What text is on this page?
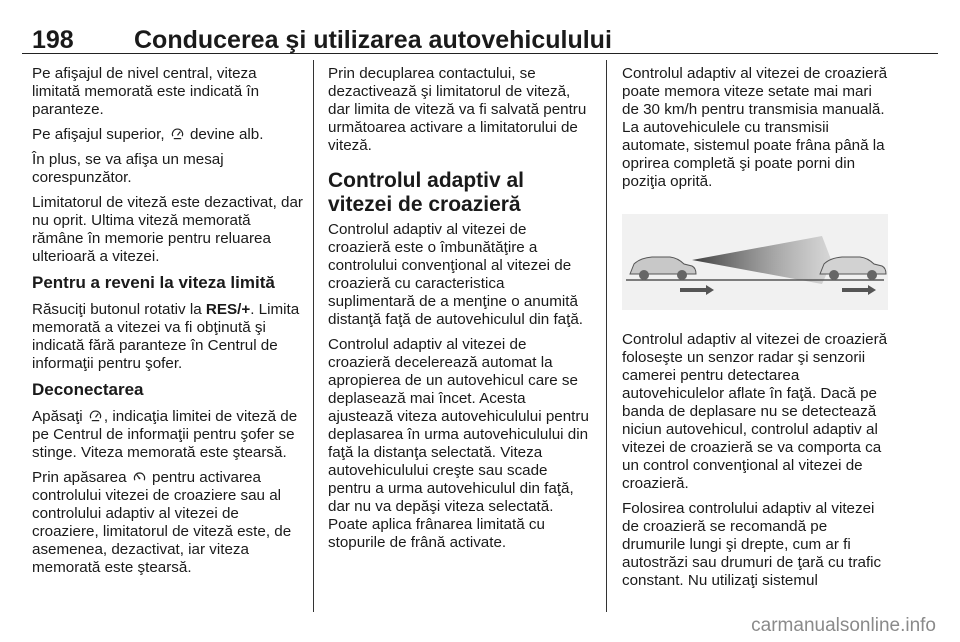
198 Conducerea şi utilizarea autovehiculului

Pe afişajul de nivel central, viteza limitată memorată este indicată în paranteze.

Pe afişajul superior,  devine alb.

În plus, se va afişa un mesaj corespunzător.

Limitatorul de viteză este dezactivat, dar nu oprit. Ultima viteză memorată rămâne în memorie pentru reluarea ulterioară a vitezei.

Pentru a reveni la viteza limită

Răsuciţi butonul rotativ la RES/+. Limita memorată a vitezei va fi obţinută şi indicată fără paranteze în Centrul de informaţii pentru şofer.

Deconectarea

Apăsaţi , indicaţia limitei de viteză de pe Centrul de informaţii pentru şofer se stinge. Viteza memorată este ştearsă.

Prin apăsarea  pentru activarea controlului vitezei de croaziere sau al controlului adaptiv al vitezei de croaziere, limitatorul de viteză este, de asemenea, dezactivat, iar viteza memorată este ştearsă.

Prin decuplarea contactului, se dezactivează şi limitatorul de viteză, dar limita de viteză va fi salvată pentru următoarea activare a limitatorului de viteză.

Controlul adaptiv al vitezei de croazieră

Controlul adaptiv al vitezei de croazieră este o îmbunătăţire a controlului convenţional al vitezei de croazieră cu caracteristica suplimentară de a menţine o anumită distanţă faţă de autovehiculul din faţă.

Controlul adaptiv al vitezei de croazieră decelerează automat la apropierea de un autovehicul care se deplasează mai încet. Acesta ajustează viteza autovehiculului pentru deplasarea în urma autovehiculului din faţă la distanţa selectată. Viteza autovehiculului creşte sau scade pentru a urma autovehiculul din faţă, dar nu va depăşi viteza selectată. Poate aplica frânarea limitată cu stopurile de frână activate.

Controlul adaptiv al vitezei de croazieră poate memora viteze setate mai mari de 30 km/h pentru transmisia manuală. La autovehiculele cu transmisii automate, sistemul poate frâna până la oprirea completă şi poate porni din poziţia oprită.

Controlul adaptiv al vitezei de croazieră foloseşte un senzor radar şi senzorii camerei pentru detectarea autovehiculelor aflate în faţă. Dacă pe banda de deplasare nu se detectează niciun autovehicul, controlul adaptiv al vitezei de croazieră se va comporta ca un control convenţional al vitezei de croazieră.

Folosirea controlului adaptiv al vitezei de croazieră se recomandă pe drumurile lungi şi drepte, cum ar fi autostrăzi sau drumuri de ţară cu trafic constant. Nu utilizaţi sistemul

carmanualsonline.info
